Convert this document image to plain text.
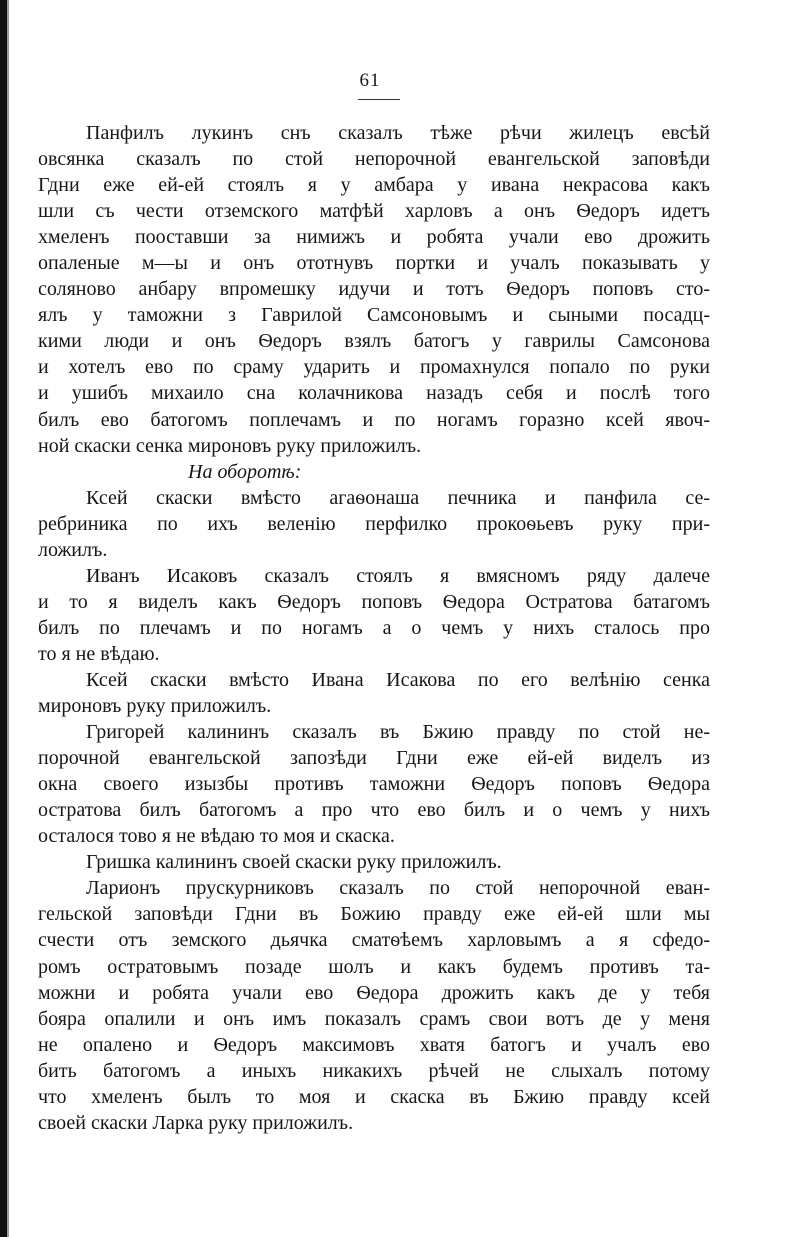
61
Панфилъ лукинъ снъ сказалъ тѣже рѣчи жилецъ евсѣй
овсянка сказалъ по стой непорочной евангельской заповѣди
Гдни еже ей-ей стоялъ я у амбара у ивана некрасова какъ
шли съ чести отземского матфѣй харловъ а онъ Ѳедоръ идетъ
хмеленъ пооставши за нимижъ и робята учали ево дрожить
опаленые м—ы и онъ ототнувъ портки и учалъ показывать у
соляново анбару впромешку идучи и тотъ Ѳедоръ поповъ сто-
ялъ у таможни з Гаврилой Самсоновымъ и сыными посадц-
кими люди и онъ Ѳедоръ взялъ батогъ у гаврилы Самсонова
и хотелъ ево по сраму ударить и промахнулся попало по руки
и ушибъ михаило сна колачникова назадъ себя и послѣ того
билъ ево батогомъ поплечамъ и по ногамъ горазно ксей явоч-
ной скаски сенка мироновъ руку приложилъ.
На оборотѣ:
Ксей скаски вмѣсто агаѳонаша печника и панфила се-
ребриника по ихъ веленію перфилко прокоѳьевъ руку при-
ложилъ.
Иванъ Исаковъ сказалъ стоялъ я вмясномъ ряду далече
и то я виделъ какъ Ѳедоръ поповъ Ѳедора Остратова батагомъ
билъ по плечамъ и по ногамъ а о чемъ у нихъ сталось про
то я не вѣдаю.
Ксей скаски вмѣсто Ивана Исакова по его велѣнію сенка
мироновъ руку приложилъ.
Григорей калининъ сказалъ въ Бжию правду по стой не-
порочной евангельской запозѣди Гдни еже ей-ей виделъ из
окна своего изызбы противъ таможни Ѳедоръ поповъ Ѳедора
остратова билъ батогомъ а про что ево билъ и о чемъ у нихъ
осталося тово я не вѣдаю то моя и скаска.
Гришка калининъ своей скаски руку приложилъ.
Ларионъ прускурниковъ сказалъ по стой непорочной еван-
гельской заповѣди Гдни въ Божию правду еже ей-ей шли мы
счести отъ земского дьячка сматѳѣемъ харловымъ а я сфедо-
ромъ остратовымъ позаде шолъ и какъ будемъ противъ та-
можни и робята учали ево Ѳедора дрожить какъ де у тебя
бояра опалили и онъ имъ показалъ срамъ свои вотъ де у меня
не опалено и Ѳедоръ максимовъ хватя батогъ и учалъ ево
бить батогомъ а иныхъ никакихъ рѣчей не слыхалъ потому
что хмеленъ былъ то моя и скаска въ Бжию правду ксей
своей скаски Ларка руку приложилъ.
